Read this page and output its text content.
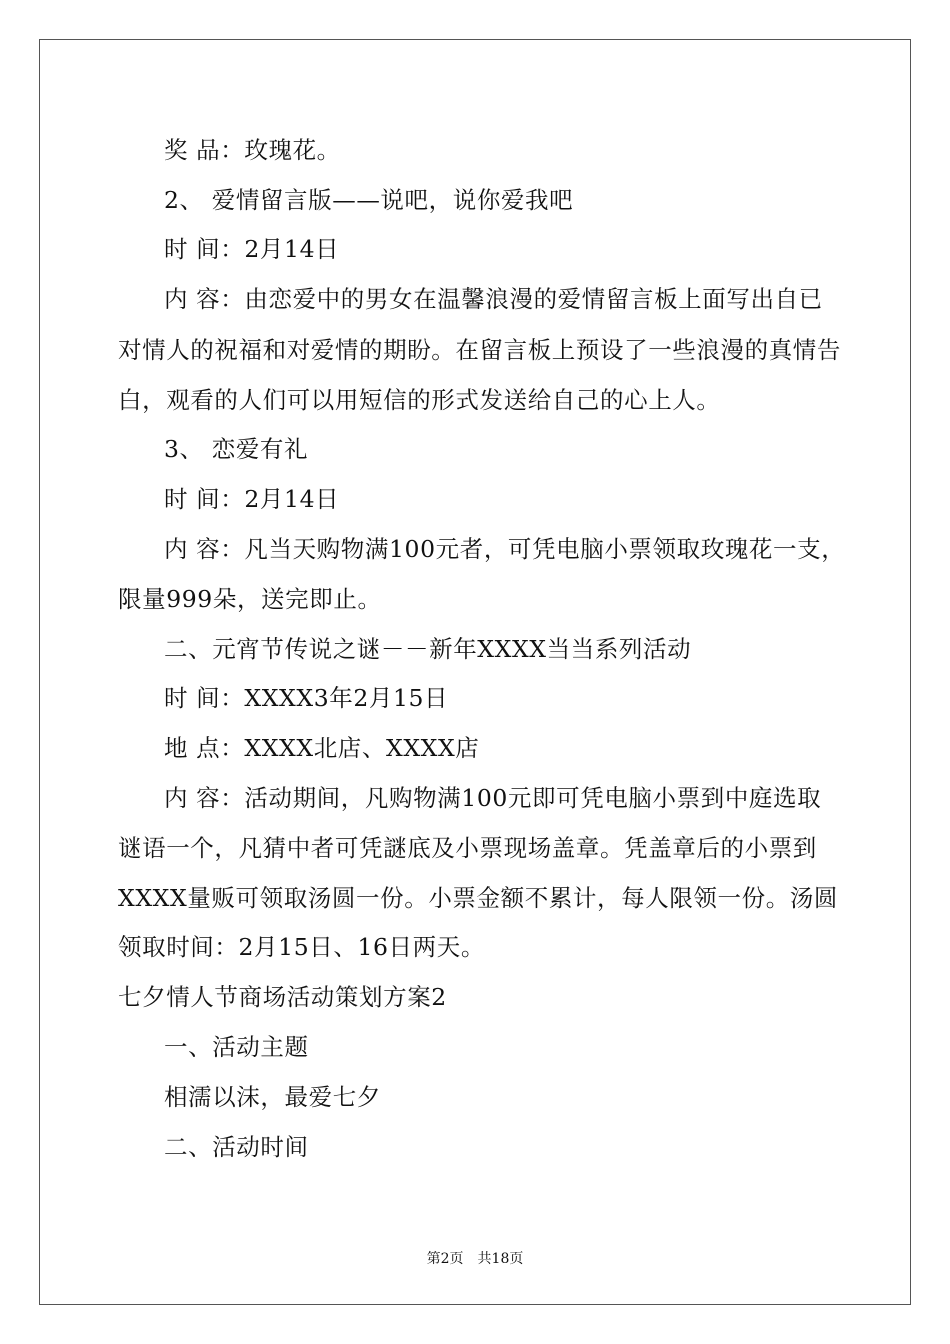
奖 品：玫瑰花。
2、 爱情留言版——说吧，说你爱我吧
时 间：2月14日
内 容：由恋爱中的男女在温馨浪漫的爱情留言板上面写出自已
对情人的祝福和对爱情的期盼。在留言板上预设了一些浪漫的真情告
白，观看的人们可以用短信的形式发送给自己的心上人。
3、 恋爱有礼
时 间：2月14日
内 容：凡当天购物满100元者，可凭电脑小票领取玫瑰花一支，
限量999朵，送完即止。
二、元宵节传说之谜－－新年XXXX当当系列活动
时 间：XXXX3年2月15日
地 点：XXXX北店、XXXX店
内 容：活动期间，凡购物满100元即可凭电脑小票到中庭选取
谜语一个，凡猜中者可凭謎底及小票现场盖章。凭盖章后的小票到
XXXX量贩可领取汤圆一份。小票金额不累计，每人限领一份。汤圆
领取时间：2月15日、16日两天。
七夕情人节商场活动策划方案2
一、活动主题
相濡以沫，最爱七夕
二、活动时间
第2页 共18页
